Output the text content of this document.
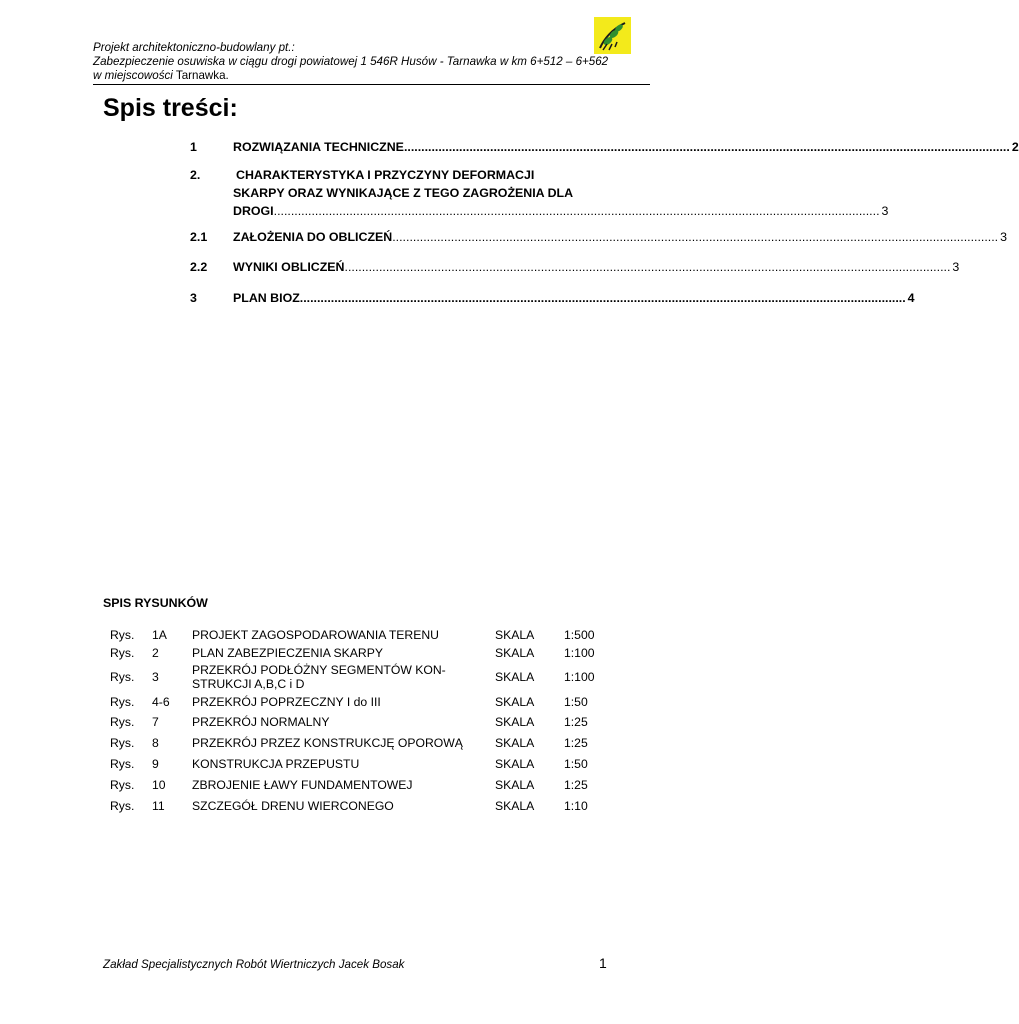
Projekt architektoniczno-budowlany pt.:
Zabezpieczenie osuwiska w ciągu drogi powiatowej 1 546R Husów - Tarnawka w km 6+512 – 6+562
w miejscowości Tarnawka.
Spis treści:
1	ROZWIĄZANIA TECHNICZNE ................................................................................................................................................................................ 2
2.	CHARAKTERYSTYKA I PRZYCZYNY DEFORMACJI
SKARPY ORAZ WYNIKAJĄCE Z TEGO ZAGROŻENIA DLA
DROGI ................................................................................................................................................................................ 3
2.1 ZAŁOŻENIA DO OBLICZEŃ ................................................................................................................................................................................ 3
2.2 WYNIKI OBLICZEŃ ................................................................................................................................................................................ 3
3	PLAN BIOZ ................................................................................................................................................................................ 4
SPIS RYSUNKÓW
Rys.	1A	PROJEKT ZAGOSPODAROWANIA TERENU	SKALA	1:500
Rys.	2	PLAN ZABEZPIECZENIA SKARPY	SKALA	1:100
Rys.	3	PRZEKRÓJ PODŁÓŻNY SEGMENTÓW KON-
STRUKCJI A,B,C i D	SKALA	1:100
Rys.	4-6	PRZEKRÓJ POPRZECZNY I do III	SKALA	1:50
Rys.	7	PRZEKRÓJ NORMALNY	SKALA	1:25
Rys.	8	PRZEKRÓJ PRZEZ KONSTRUKCJĘ OPOROWĄ	SKALA	1:25
Rys.	9	KONSTRUKCJA PRZEPUSTU	SKALA	1:50
Rys.	10	ZBROJENIE ŁAWY FUNDAMENTOWEJ	SKALA	1:25
Rys.	11	SZCZEGÓŁ DRENU WIERCONEGO	SKALA	1:10
Zakład Specjalistycznych Robót Wiertniczych Jacek Bosak	1
